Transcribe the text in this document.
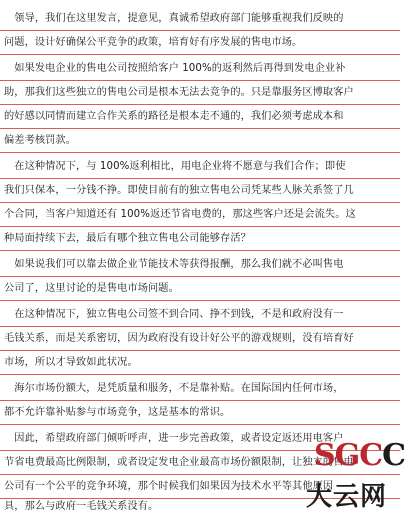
　领导，我们在这里发言，提意见，真诚希望政府部门能够重视我们反映的
问题，设计好确保公平竞争的政策，培育好有序发展的售电市场。
　如果发电企业的售电公司按照给客户 100%的返利然后再得到发电企业补
助，那我们这些独立的售电公司是根本无法去竞争的。只是靠服务区博取客户
的好感以同情而建立合作关系的路径是根本走不通的，我们必须考虑成本和
偏差考核罚款。
　在这种情况下，与 100%返利相比，用电企业将不愿意与我们合作；即使
我们只保本，一分钱不挣。即使目前有的独立售电公司凭某些人脉关系签了几
个合同，当客户知道还有 100%返还节省电费的，那这些客户还是会流失。这
种局面持续下去，最后有哪个独立售电公司能够存活？
　如果说我们可以靠去做企业节能技术等获得报酬，那么我们就不必叫售电
公司了，这里讨论的是售电市场问题。
　在这种情况下，独立售电公司签不到合同、挣不到钱，不是和政府没有一
毛钱关系，而是关系密切，因为政府没有设计好公平的游戏规则，没有培育好
市场，所以才导致如此状况。
　海尔市场份额大，是凭质量和服务，不是靠补贴。在国际国内任何市场，
都不允许靠补贴参与市场竞争，这是基本的常识。
　因此，希望政府部门倾听呼声，进一步完善政策，或者设定返还用电客户
节省电费最高比例限制，或者设定发电企业最高市场份额限制，让独立的售电
公司有一个公平的竞争环境，那个时候我们如果因为技术水平等其他原因
具，那么与政府一毛钱关系没有。
SGCC
大云网
